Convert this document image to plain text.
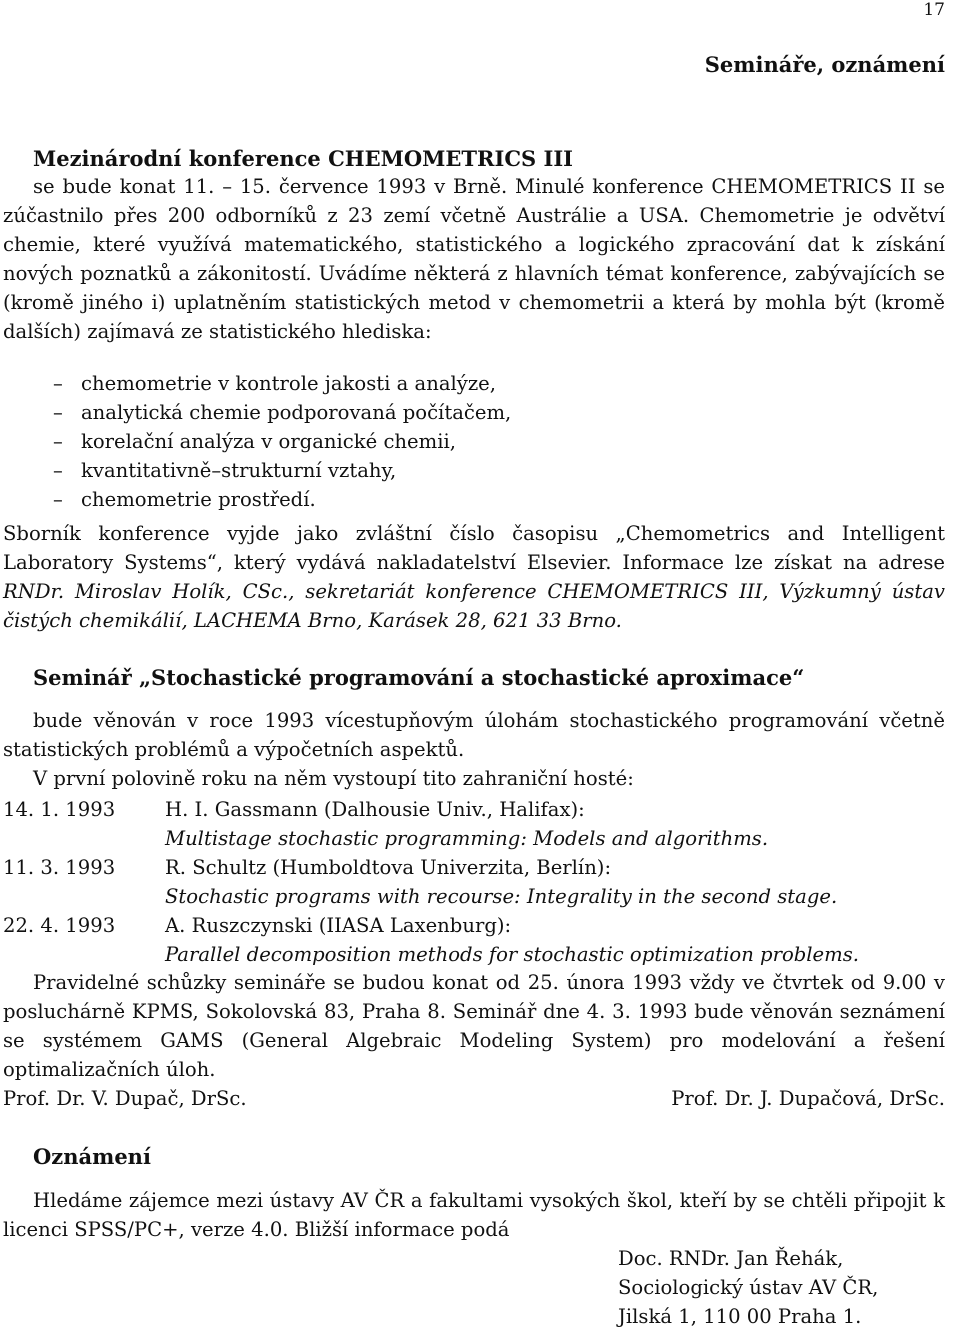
17
Semináře, oznámení
Mezinárodní konference CHEMOMETRICS III

se bude konat 11. – 15. července 1993 v Brně. Minulé konference CHEMOMETRICS II se zúčastnilo přes 200 odborníků z 23 zemí včetně Austrálie a USA. Chemometrie je odvětví chemie, které využívá matematického, statistického a logického zpracování dat k získání nových poznatků a zákonitostí. Uvádíme některá z hlavních témat konference, zabývajících se (kromě jiného i) uplatněním statistických metod v chemometrii a která by mohla být (kromě dalších) zajímavá ze statistického hlediska:

– chemometrie v kontrole jakosti a analýze,
– analytická chemie podporovaná počítačem,
– korelační analýza v organické chemii,
– kvantitativně–strukturní vztahy,
– chemometrie prostředí.

Sborník konference vyjde jako zvláštní číslo časopisu „Chemometrics and Intelligent Laboratory Systems“, který vydává nakladatelství Elsevier. Informace lze získat na adrese RNDr. Miroslav Holík, CSc., sekretariát konference CHEMOMETRICS III, Výzkumný ústav čistých chemikálií, LACHEMA Brno, Karásek 28, 621 33 Brno.

Seminář „Stochastické programování a stochastické aproximace“

bude věnován v roce 1993 vícestupňovým úlohám stochastického programování včetně statistických problémů a výpočetních aspektů.

V první polovině roku na něm vystoupí tito zahraniční hosté:

14. 1. 1993	H. I. Gassmann (Dalhousie Univ., Halifax):
Multistage stochastic programming: Models and algorithms.
11. 3. 1993	R. Schultz (Humboldtova Univerzita, Berlín):
Stochastic programs with recourse: Integrality in the second stage.
22. 4. 1993	A. Ruszczynski (IIASA Laxenburg):
Parallel decomposition methods for stochastic optimization problems.

Pravidelné schůzky semináře se budou konat od 25. února 1993 vždy ve čtvrtek od 9.00 v posluchárně KPMS, Sokolovská 83, Praha 8. Seminář dne 4. 3. 1993 bude věnován seznámení se systémem GAMS (General Algebraic Modeling System) pro modelování a řešení optimalizačních úloh.

Prof. Dr. V. Dupač, DrSc.	Prof. Dr. J. Dupačová, DrSc.
Oznámení

Hledáme zájemce mezi ústavy AV ČR a fakultami vysokých škol, kteří by se chtěli připojit k licenci SPSS/PC+, verze 4.0. Bližší informace podá

Doc. RNDr. Jan Řehák,
Sociologický ústav AV ČR,
Jilská 1, 110 00 Praha 1.
